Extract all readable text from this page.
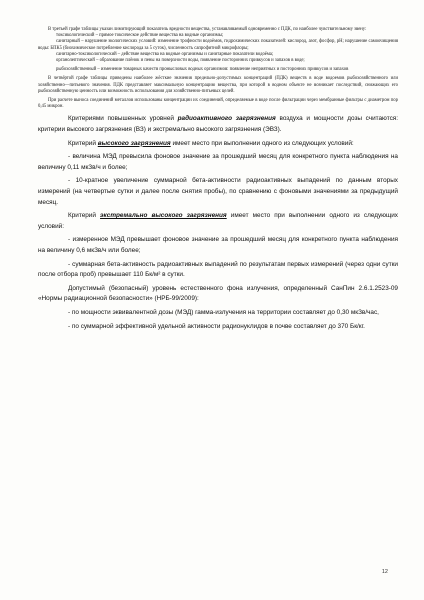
В третьей графе таблицы указан лимитирующий показатель вредности вещества, устанавливаемый одновременно с ПДК, по наиболее чувствительному звену:

токсикологический – прямое токсическое действие вещества на водные организмы;

санитарный – нарушение экологических условий: изменение трофности водоёмов, гидрохимических показателей: кислород, азот, фосфор, рН; нарушение самоочищения воды: БПК5 (биохимическое потребление кислорода за 5 суток), численность сапрофитной микрофлоры;

санитарно-токсикологический – действие вещества на водные организмы и санитарные показатели водоёма;

органолептический – образование плёнок и пены на поверхности воды, появление посторонних привкусов и запахов в воде;

рыбохозяйственный – изменение товарных качеств промысловых водных организмов: появление неприятных и посторонних привкусов и запахов

В четвёртой графе таблицы приведены наиболее жёсткие значения предельно-допустимых концентраций (ПДК) веществ в воде водоемов рыбохозяйственного или хозяйственно—питьевого значения. ПДК представляет максимальную концентрацию вещества, при которой в водном объекте не возникает последствий, снижающих его рыбохозяйственную ценность или возможность использования для хозяйственно-питьевых целей.

При расчете выноса соединений металлов использованы концентрации их соединений, определяемые в воде после фильтрации через мембранные фильтры с диаметром пор 0,45 микрон.

Критериями повышенных уровней радиоактивного загрязнения воздуха и мощности дозы считаются: критерии высокого загрязнения (ВЗ) и экстремально высокого загрязнения (ЭВЗ).

Критерий высокого загрязнения имеет место при выполнении одного из следующих условий:

- величина МЭД превысила фоновое значение за прошедший месяц для конкретного пункта наблюдения на величину 0,11 мкЗв/ч и более;

- 10-кратное увеличение суммарной бета-активности радиоактивных выпадений по данным вторых измерений (на четвертые сутки и далее после снятия пробы), по сравнению с фоновыми значениями за предыдущий месяц.

Критерий экстремально высокого загрязнения имеет место при выполнении одного из следующих условий:

- измеренное МЭД превышает фоновое значение за прошедший месяц для конкретного пункта наблюдения на величину 0,6 мкЗв/ч или более;

- суммарная бета-активность радиоактивных выпадений по результатам первых измерений (через одни сутки после отбора проб) превышает 110 Бк/м² в сутки.

Допустимый (безопасный) уровень естественного фона излучения, определенный СанПин 2.6.1.2523-09 «Нормы радиационной безопасности» (НРБ-99/2009):

- по мощности эквивалентной дозы (МЭД) гамма-излучения на территории составляет до 0,30 мкЗв/час,

- по суммарной эффективной удельной активности радионуклидов в почве составляет до 370 Бк/кг.

12
